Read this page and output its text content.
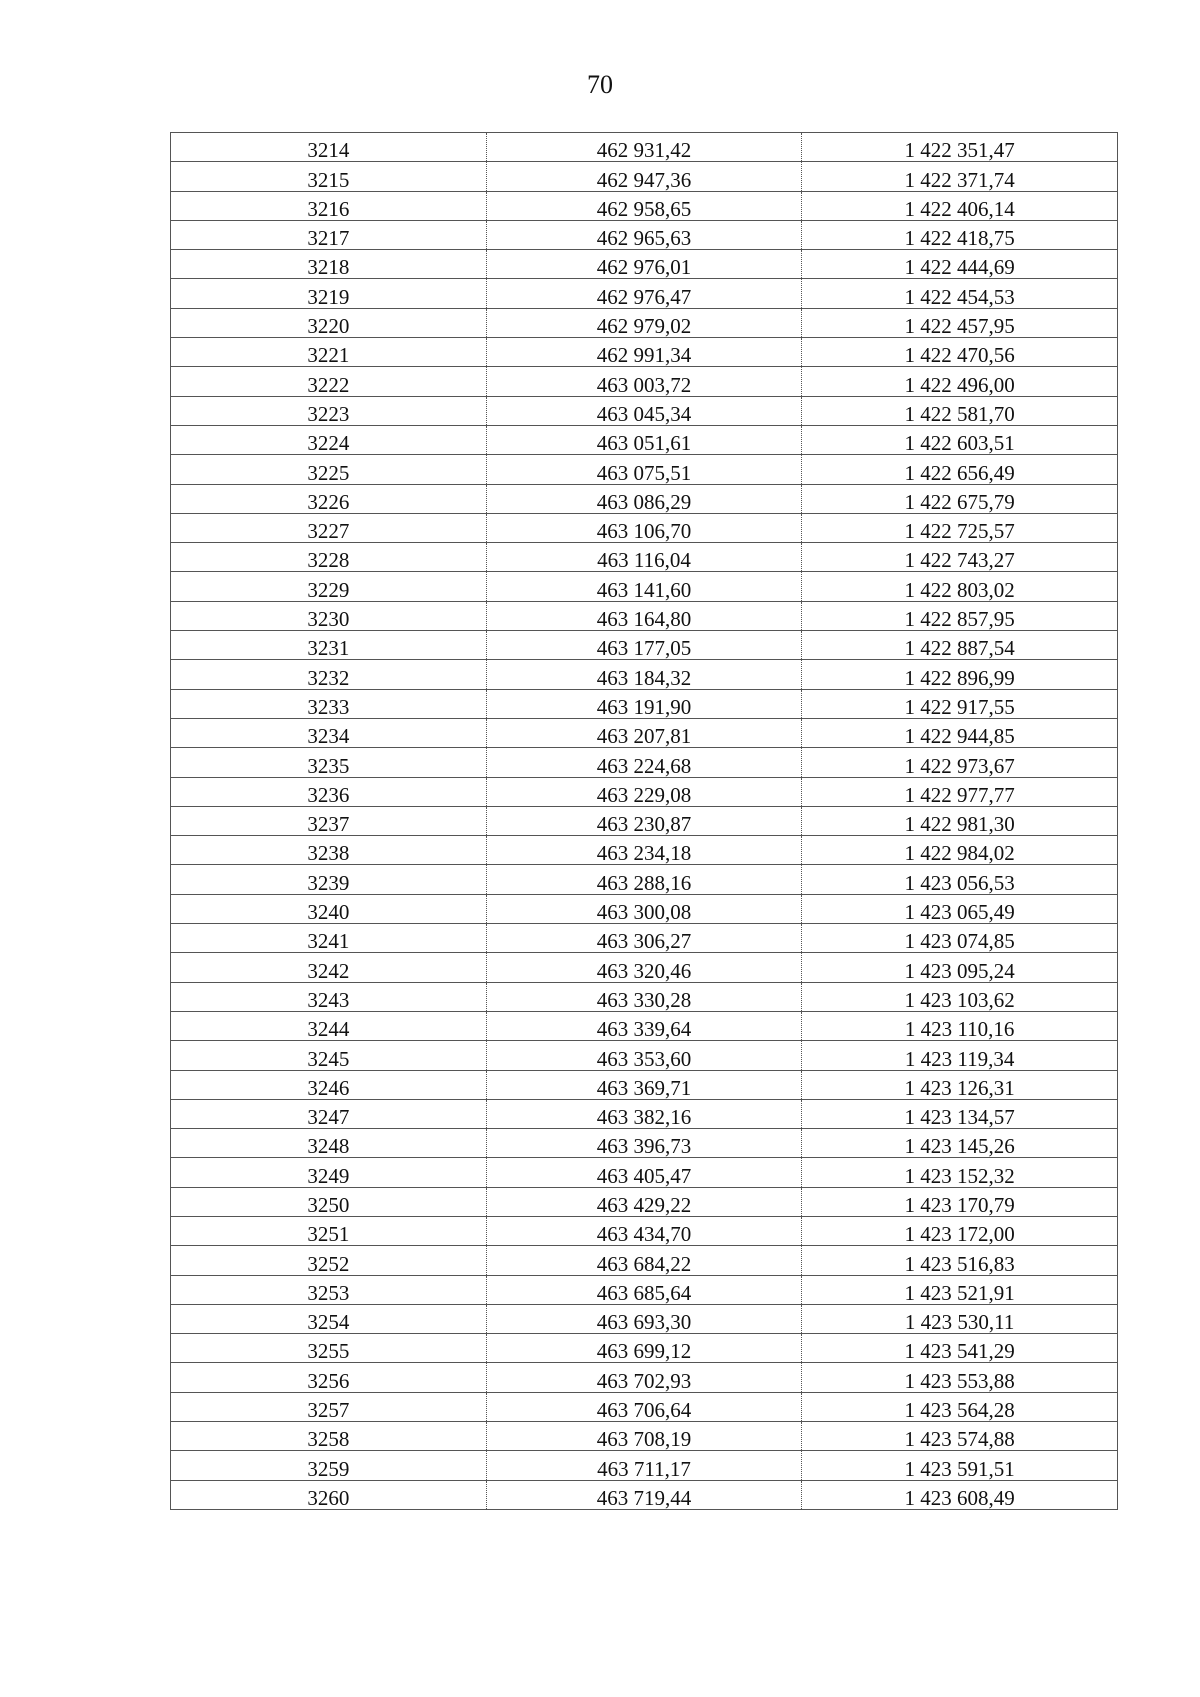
70
3214	462 931,42	1 422 351,47
3215	462 947,36	1 422 371,74
3216	462 958,65	1 422 406,14
3217	462 965,63	1 422 418,75
3218	462 976,01	1 422 444,69
3219	462 976,47	1 422 454,53
3220	462 979,02	1 422 457,95
3221	462 991,34	1 422 470,56
3222	463 003,72	1 422 496,00
3223	463 045,34	1 422 581,70
3224	463 051,61	1 422 603,51
3225	463 075,51	1 422 656,49
3226	463 086,29	1 422 675,79
3227	463 106,70	1 422 725,57
3228	463 116,04	1 422 743,27
3229	463 141,60	1 422 803,02
3230	463 164,80	1 422 857,95
3231	463 177,05	1 422 887,54
3232	463 184,32	1 422 896,99
3233	463 191,90	1 422 917,55
3234	463 207,81	1 422 944,85
3235	463 224,68	1 422 973,67
3236	463 229,08	1 422 977,77
3237	463 230,87	1 422 981,30
3238	463 234,18	1 422 984,02
3239	463 288,16	1 423 056,53
3240	463 300,08	1 423 065,49
3241	463 306,27	1 423 074,85
3242	463 320,46	1 423 095,24
3243	463 330,28	1 423 103,62
3244	463 339,64	1 423 110,16
3245	463 353,60	1 423 119,34
3246	463 369,71	1 423 126,31
3247	463 382,16	1 423 134,57
3248	463 396,73	1 423 145,26
3249	463 405,47	1 423 152,32
3250	463 429,22	1 423 170,79
3251	463 434,70	1 423 172,00
3252	463 684,22	1 423 516,83
3253	463 685,64	1 423 521,91
3254	463 693,30	1 423 530,11
3255	463 699,12	1 423 541,29
3256	463 702,93	1 423 553,88
3257	463 706,64	1 423 564,28
3258	463 708,19	1 423 574,88
3259	463 711,17	1 423 591,51
3260	463 719,44	1 423 608,49
